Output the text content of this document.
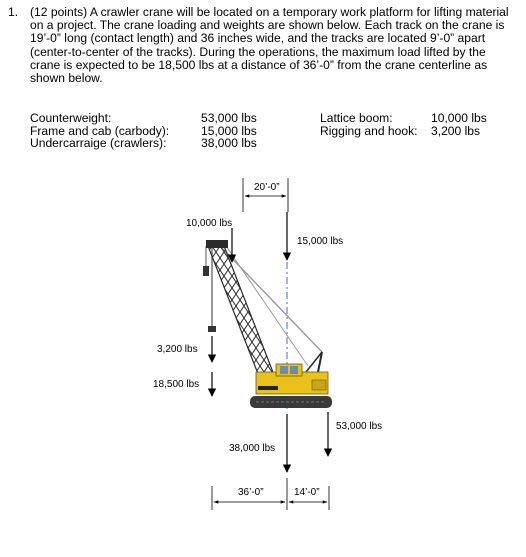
1. (12 points) A crawler crane will be located on a temporary work platform for lifting material on a project. The crane loading and weights are shown below. Each track on the crane is 19’-0” long (contact length) and 36 inches wide, and the tracks are located 9’-0” apart (center-to-center of the tracks). During the operations, the maximum load lifted by the crane is expected to be 18,500 lbs at a distance of 36’-0” from the crane centerline as shown below.
Counterweight:	53,000 lbs
Frame and cab (carbody):	15,000 lbs
Undercarraige (crawlers):	38,000 lbs
Lattice boom:	10,000 lbs
Rigging and hook: 3,200 lbs
20’-0”
10,000 lbs
15,000 lbs
3,200 lbs
18,500 lbs
53,000 lbs
38,000 lbs
36’-0”	14’-0”
